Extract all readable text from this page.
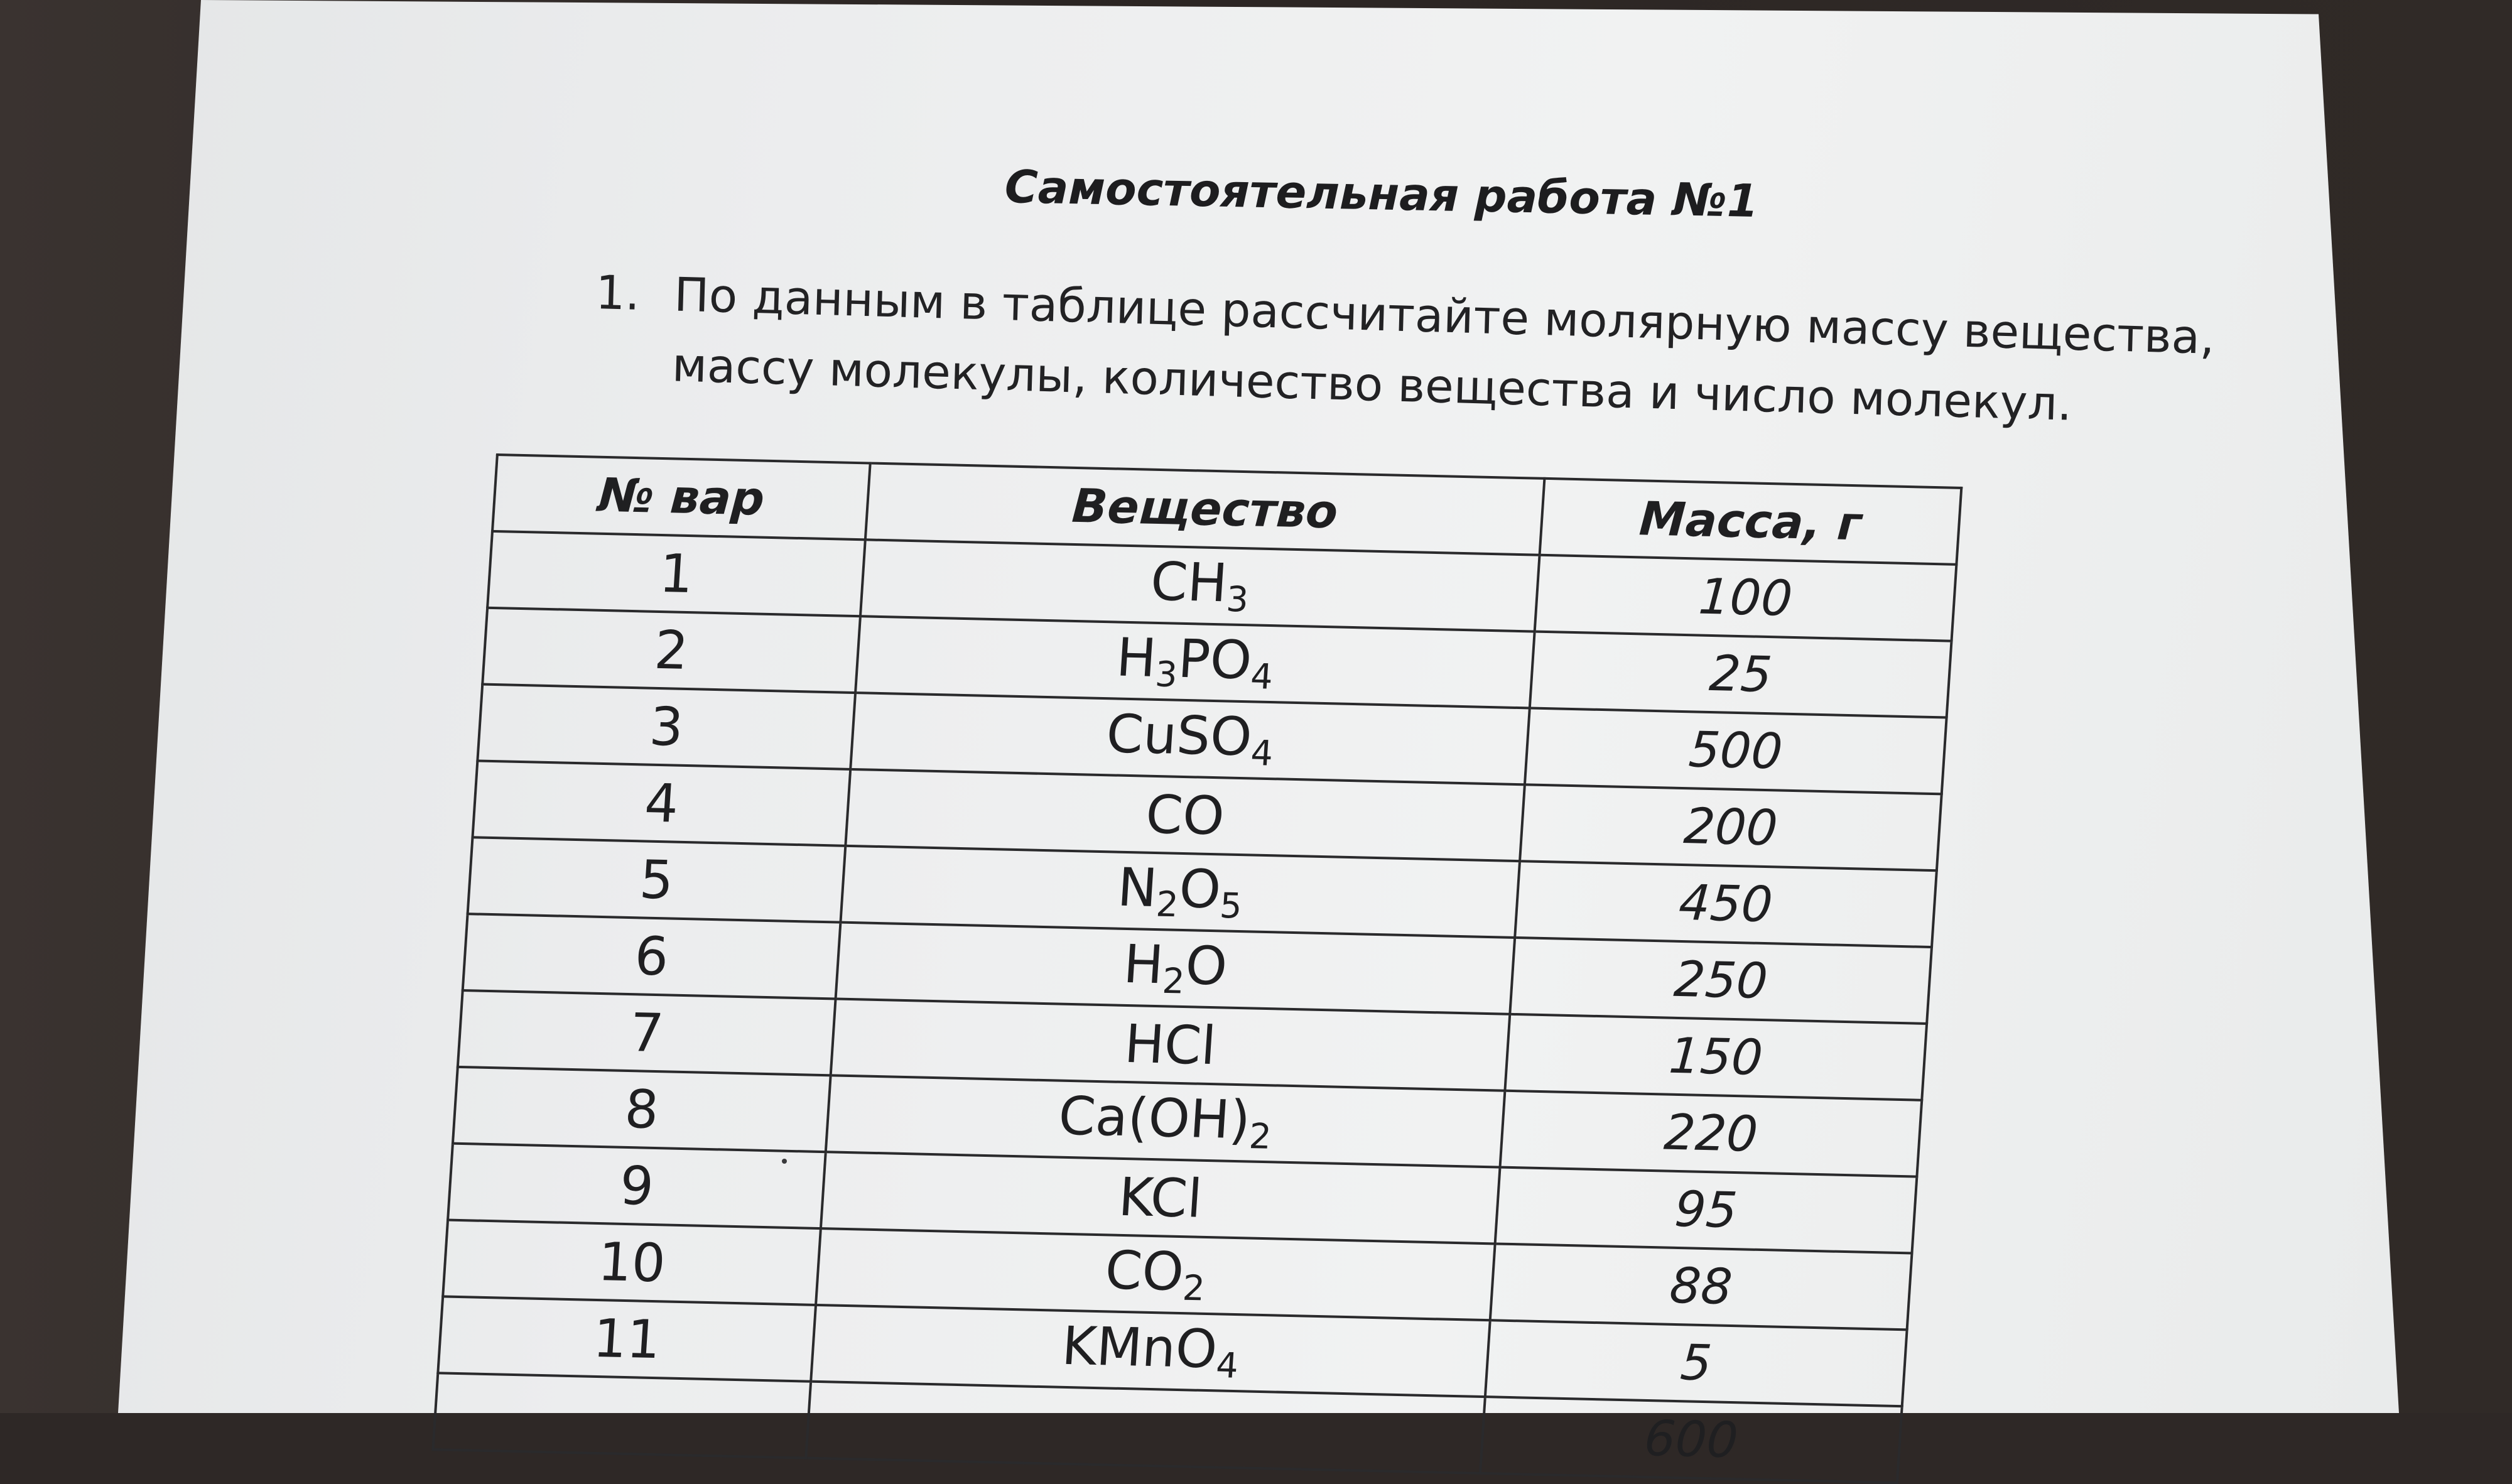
Самостоятельная работа №1
1. По данным в таблице рассчитайте молярную массу вещества,
массу молекулы, количество вещества и число молекул.
№ вар	Вещество	Масса, г
1	CH3	100
2	H3PO4	25
3	CuSO4	500
4	CO	200
5	N2O5	450
6	H2O	250
7	HCl	150
8	Ca(OH)2	220
9	KCl	95
10	CO2	88
11	KMnO4	5
		600
